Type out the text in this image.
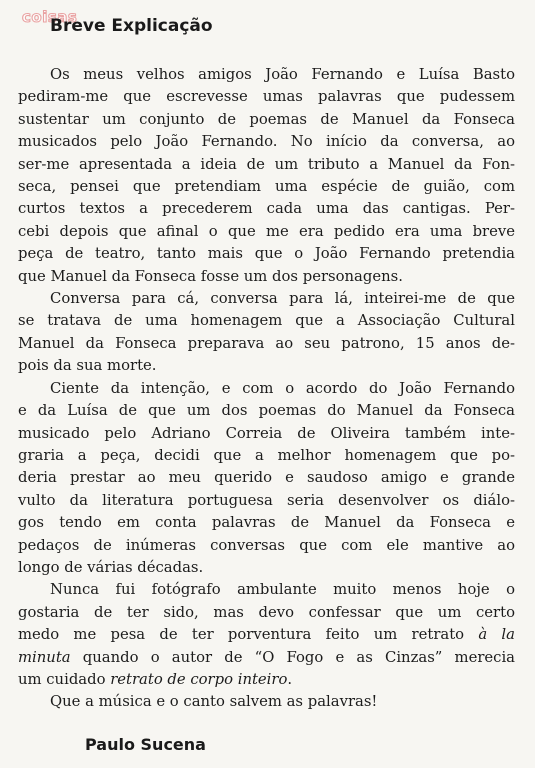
coisas
Breve Explicação
Os meus velhos amigos João Fernando e Luísa Basto
pediram-me que escrevesse umas palavras que pudessem
sustentar um conjunto de poemas de Manuel da Fonseca
musicados pelo João Fernando. No início da conversa, ao
ser-me apresentada a ideia de um tributo a Manuel da Fon-
seca, pensei que pretendiam uma espécie de guião, com
curtos textos a precederem cada uma das cantigas. Per-
cebi depois que afinal o que me era pedido era uma breve
peça de teatro, tanto mais que o João Fernando pretendia
que Manuel da Fonseca fosse um dos personagens.
Conversa para cá, conversa para lá, inteirei-me de que
se tratava de uma homenagem que a Associação Cultural
Manuel da Fonseca preparava ao seu patrono, 15 anos de-
pois da sua morte.
Ciente da intenção, e com o acordo do João Fernando
e da Luísa de que um dos poemas do Manuel da Fonseca
musicado pelo Adriano Correia de Oliveira também inte-
graria a peça, decidi que a melhor homenagem que po-
deria prestar ao meu querido e saudoso amigo e grande
vulto da literatura portuguesa seria desenvolver os diálo-
gos tendo em conta palavras de Manuel da Fonseca e
pedaços de inúmeras conversas que com ele mantive ao
longo de várias décadas.
Nunca fui fotógrafo ambulante muito menos hoje o
gostaria de ter sido, mas devo confessar que um certo
medo me pesa de ter porventura feito um retrato à la
minuta quando o autor de “O Fogo e as Cinzas” merecia
um cuidado retrato de corpo inteiro.
Que a música e o canto salvem as palavras!
Paulo Sucena
